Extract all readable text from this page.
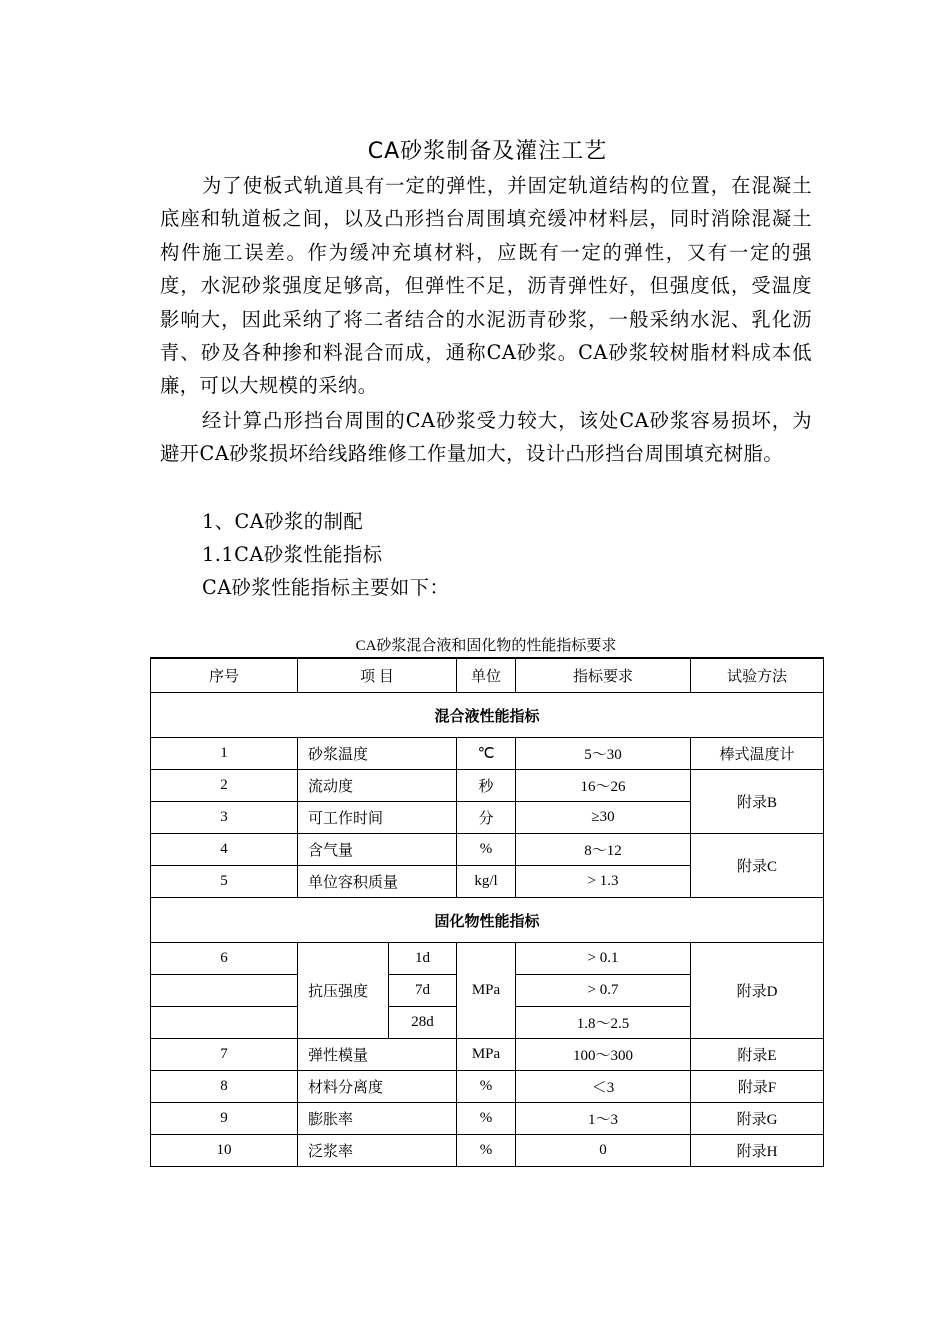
CA砂浆制备及灌注工艺
为了使板式轨道具有一定的弹性，并固定轨道结构的位置，在混凝土底座和轨道板之间，以及凸形挡台周围填充缓冲材料层，同时消除混凝土构件施工误差。作为缓冲充填材料，应既有一定的弹性，又有一定的强度，水泥砂浆强度足够高，但弹性不足，沥青弹性好，但强度低，受温度影响大，因此采纳了将二者结合的水泥沥青砂浆，一般采纳水泥、乳化沥青、砂及各种掺和料混合而成，通称CA砂浆。CA砂浆较树脂材料成本低廉，可以大规模的采纳。
经计算凸形挡台周围的CA砂浆受力较大，该处CA砂浆容易损坏，为避开CA砂浆损坏给线路维修工作量加大，设计凸形挡台周围填充树脂。
1、CA砂浆的制配
1.1CA砂浆性能指标
CA砂浆性能指标主要如下：
CA砂浆混合液和固化物的性能指标要求
序号	项 目		单位	指标要求	试验方法
混合液性能指标					
1	砂浆温度		℃	5～30	棒式温度计
2	流动度		秒	16～26	附录B
3	可工作时间		分	≥30	
4	含气量		%	8～12	附录C
5	单位容积质量		kg/l	> 1.3	
固化物性能指标					
6	抗压强度	1d	MPa	> 0.1	附录D
		7d		> 0.7	
		28d		1.8～2.5	
7	弹性模量		MPa	100～300	附录E
8	材料分离度		%	＜3	附录F
9	膨胀率		%	1～3	附录G
10	泛浆率		%	0	附录H
